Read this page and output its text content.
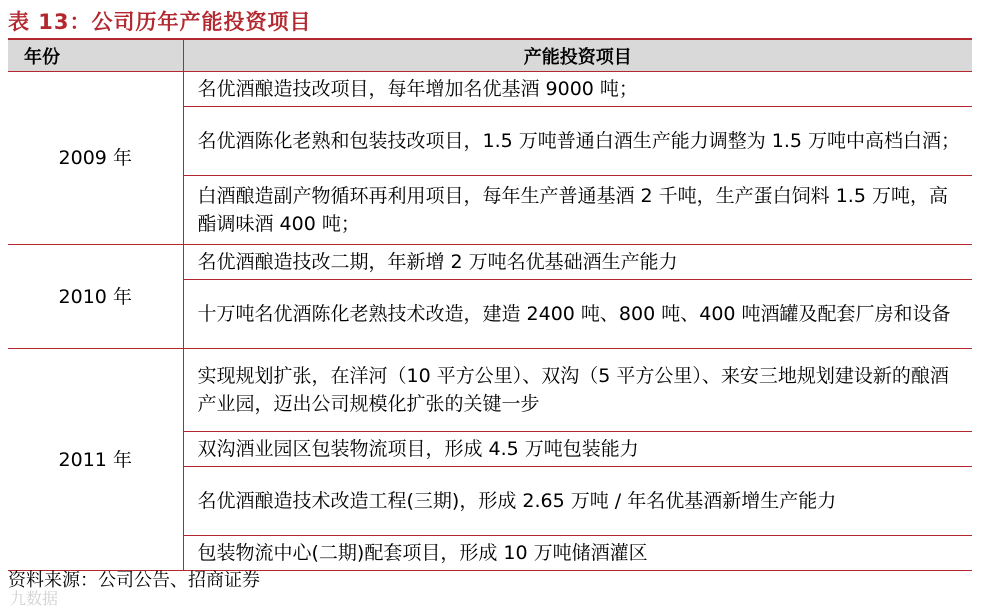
表 13：公司历年产能投资项目
年份	产能投资项目
2009 年	名优酒酿造技改项目，每年增加名优基酒 9000 吨；
	名优酒陈化老熟和包装技改项目，1.5 万吨普通白酒生产能力调整为 1.5 万吨中高档白酒；
	白酒酿造副产物循环再利用项目，每年生产普通基酒 2 千吨，生产蛋白饲料 1.5 万吨，高酯调味酒 400 吨；
2010 年	名优酒酿造技改二期，年新增 2 万吨名优基础酒生产能力
	十万吨名优酒陈化老熟技术改造，建造 2400 吨、800 吨、400 吨酒罐及配套厂房和设备
2011 年	实现规划扩张，在洋河（10 平方公里）、双沟（5 平方公里）、来安三地规划建设新的酿酒产业园，迈出公司规模化扩张的关键一步
	双沟酒业园区包装物流项目，形成 4.5 万吨包装能力
	名优酒酿造技术改造工程(三期)，形成 2.65 万吨 / 年名优基酒新增生产能力
	包装物流中心(二期)配套项目，形成 10 万吨储酒灌区
资料来源：公司公告、招商证券
九数据
